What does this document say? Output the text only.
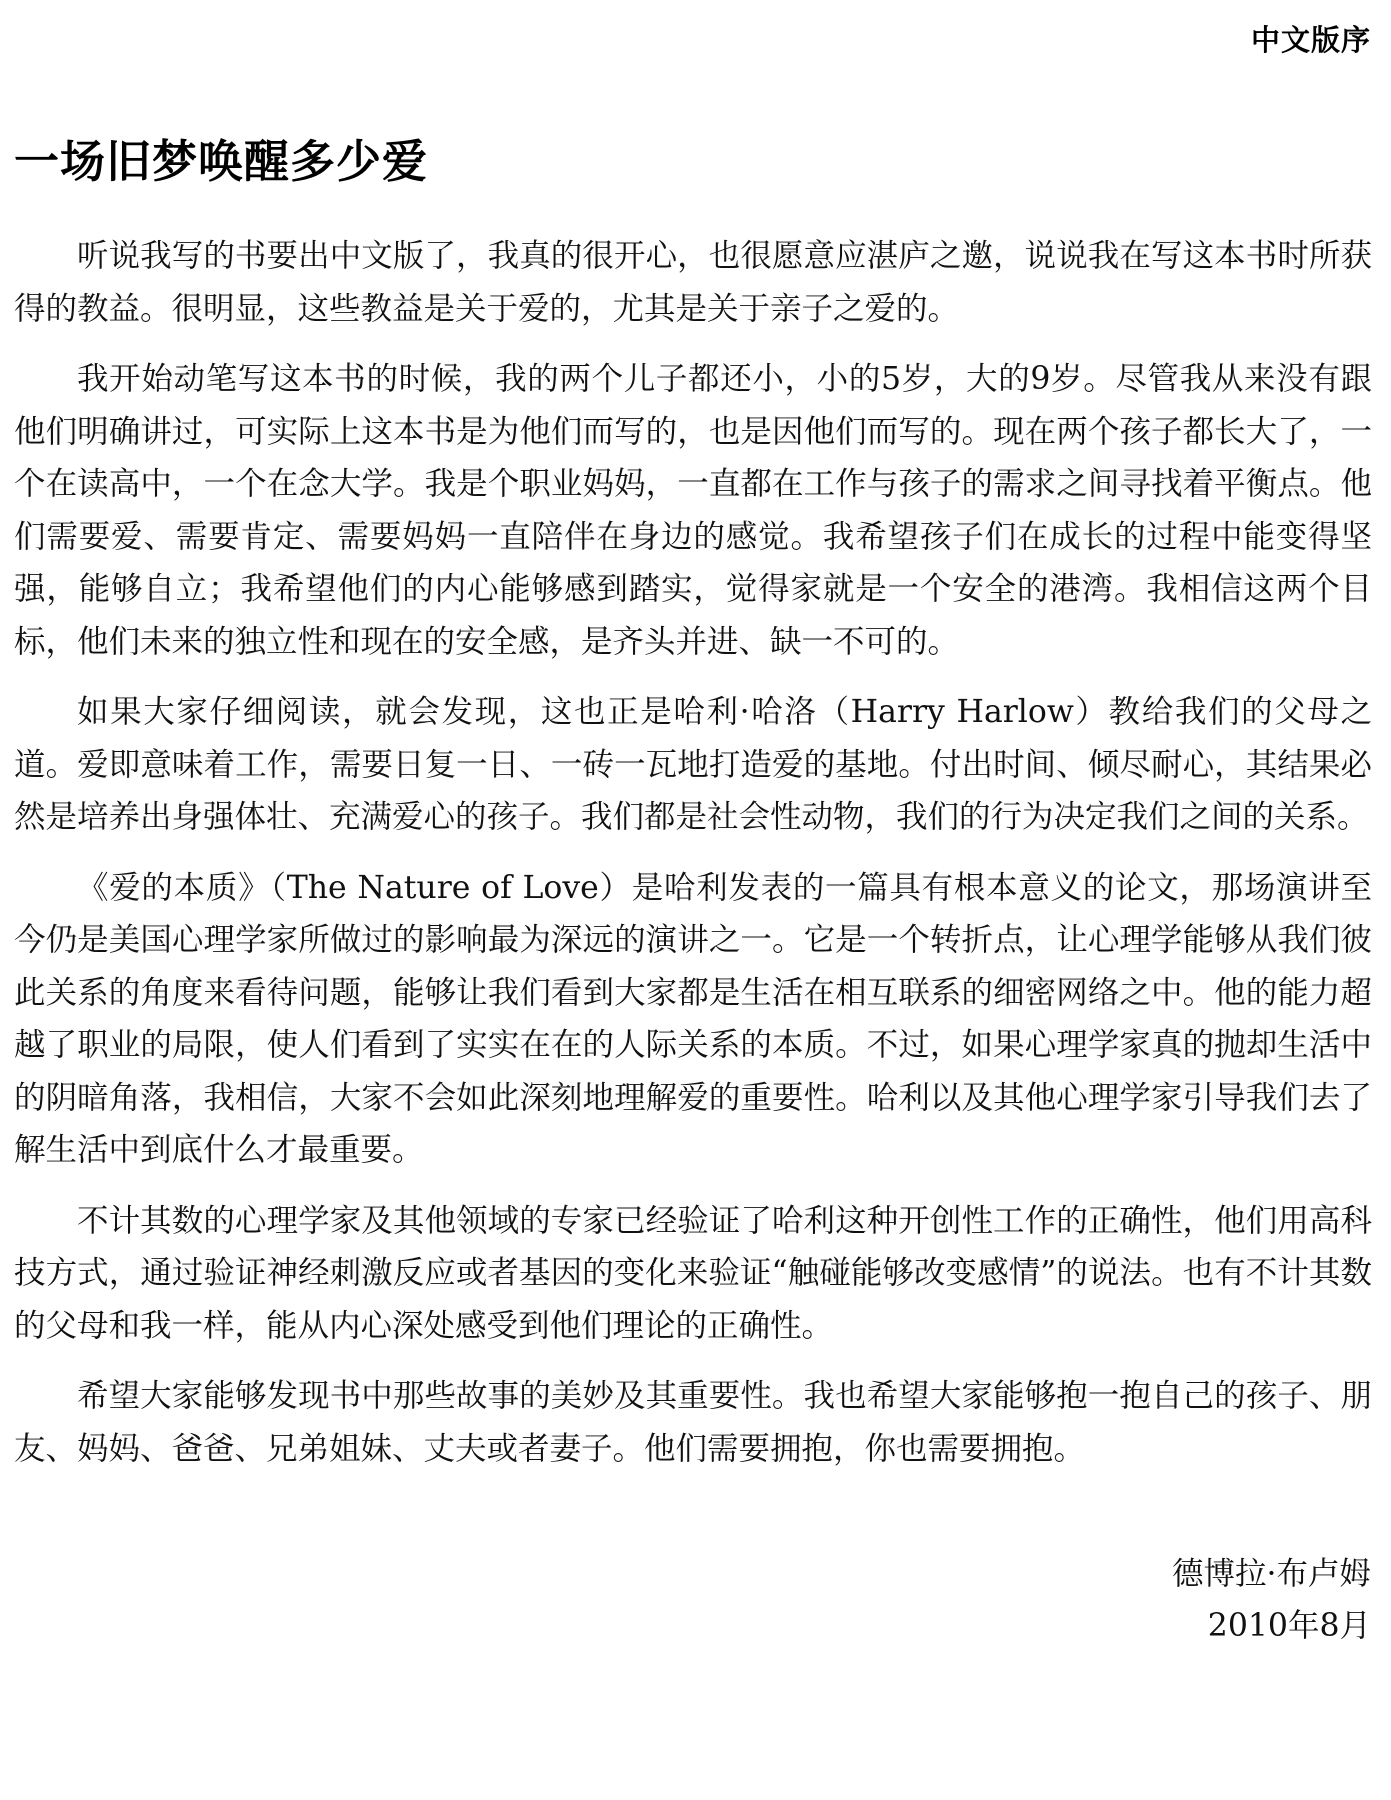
中文版序
一场旧梦唤醒多少爱

听说我写的书要出中文版了，我真的很开心，也很愿意应湛庐之邀，说说我在写这本书时所获得的教益。很明显，这些教益是关于爱的，尤其是关于亲子之爱的。

我开始动笔写这本书的时候，我的两个儿子都还小，小的5岁，大的9岁。尽管我从来没有跟他们明确讲过，可实际上这本书是为他们而写的，也是因他们而写的。现在两个孩子都长大了，一个在读高中，一个在念大学。我是个职业妈妈，一直都在工作与孩子的需求之间寻找着平衡点。他们需要爱、需要肯定、需要妈妈一直陪伴在身边的感觉。我希望孩子们在成长的过程中能变得坚强，能够自立；我希望他们的内心能够感到踏实，觉得家就是一个安全的港湾。我相信这两个目标，他们未来的独立性和现在的安全感，是齐头并进、缺一不可的。

如果大家仔细阅读，就会发现，这也正是哈利·哈洛（Harry Harlow）教给我们的父母之道。爱即意味着工作，需要日复一日、一砖一瓦地打造爱的基地。付出时间、倾尽耐心，其结果必然是培养出身强体壮、充满爱心的孩子。我们都是社会性动物，我们的行为决定我们之间的关系。

《爱的本质》（The Nature of Love）是哈利发表的一篇具有根本意义的论文，那场演讲至今仍是美国心理学家所做过的影响最为深远的演讲之一。它是一个转折点，让心理学能够从我们彼此关系的角度来看待问题，能够让我们看到大家都是生活在相互联系的细密网络之中。他的能力超越了职业的局限，使人们看到了实实在在的人际关系的本质。不过，如果心理学家真的抛却生活中的阴暗角落，我相信，大家不会如此深刻地理解爱的重要性。哈利以及其他心理学家引导我们去了解生活中到底什么才最重要。

不计其数的心理学家及其他领域的专家已经验证了哈利这种开创性工作的正确性，他们用高科技方式，通过验证神经刺激反应或者基因的变化来验证“触碰能够改变感情”的说法。也有不计其数的父母和我一样，能从内心深处感受到他们理论的正确性。

希望大家能够发现书中那些故事的美妙及其重要性。我也希望大家能够抱一抱自己的孩子、朋友、妈妈、爸爸、兄弟姐妹、丈夫或者妻子。他们需要拥抱，你也需要拥抱。

德博拉·布卢姆
2010年8月
